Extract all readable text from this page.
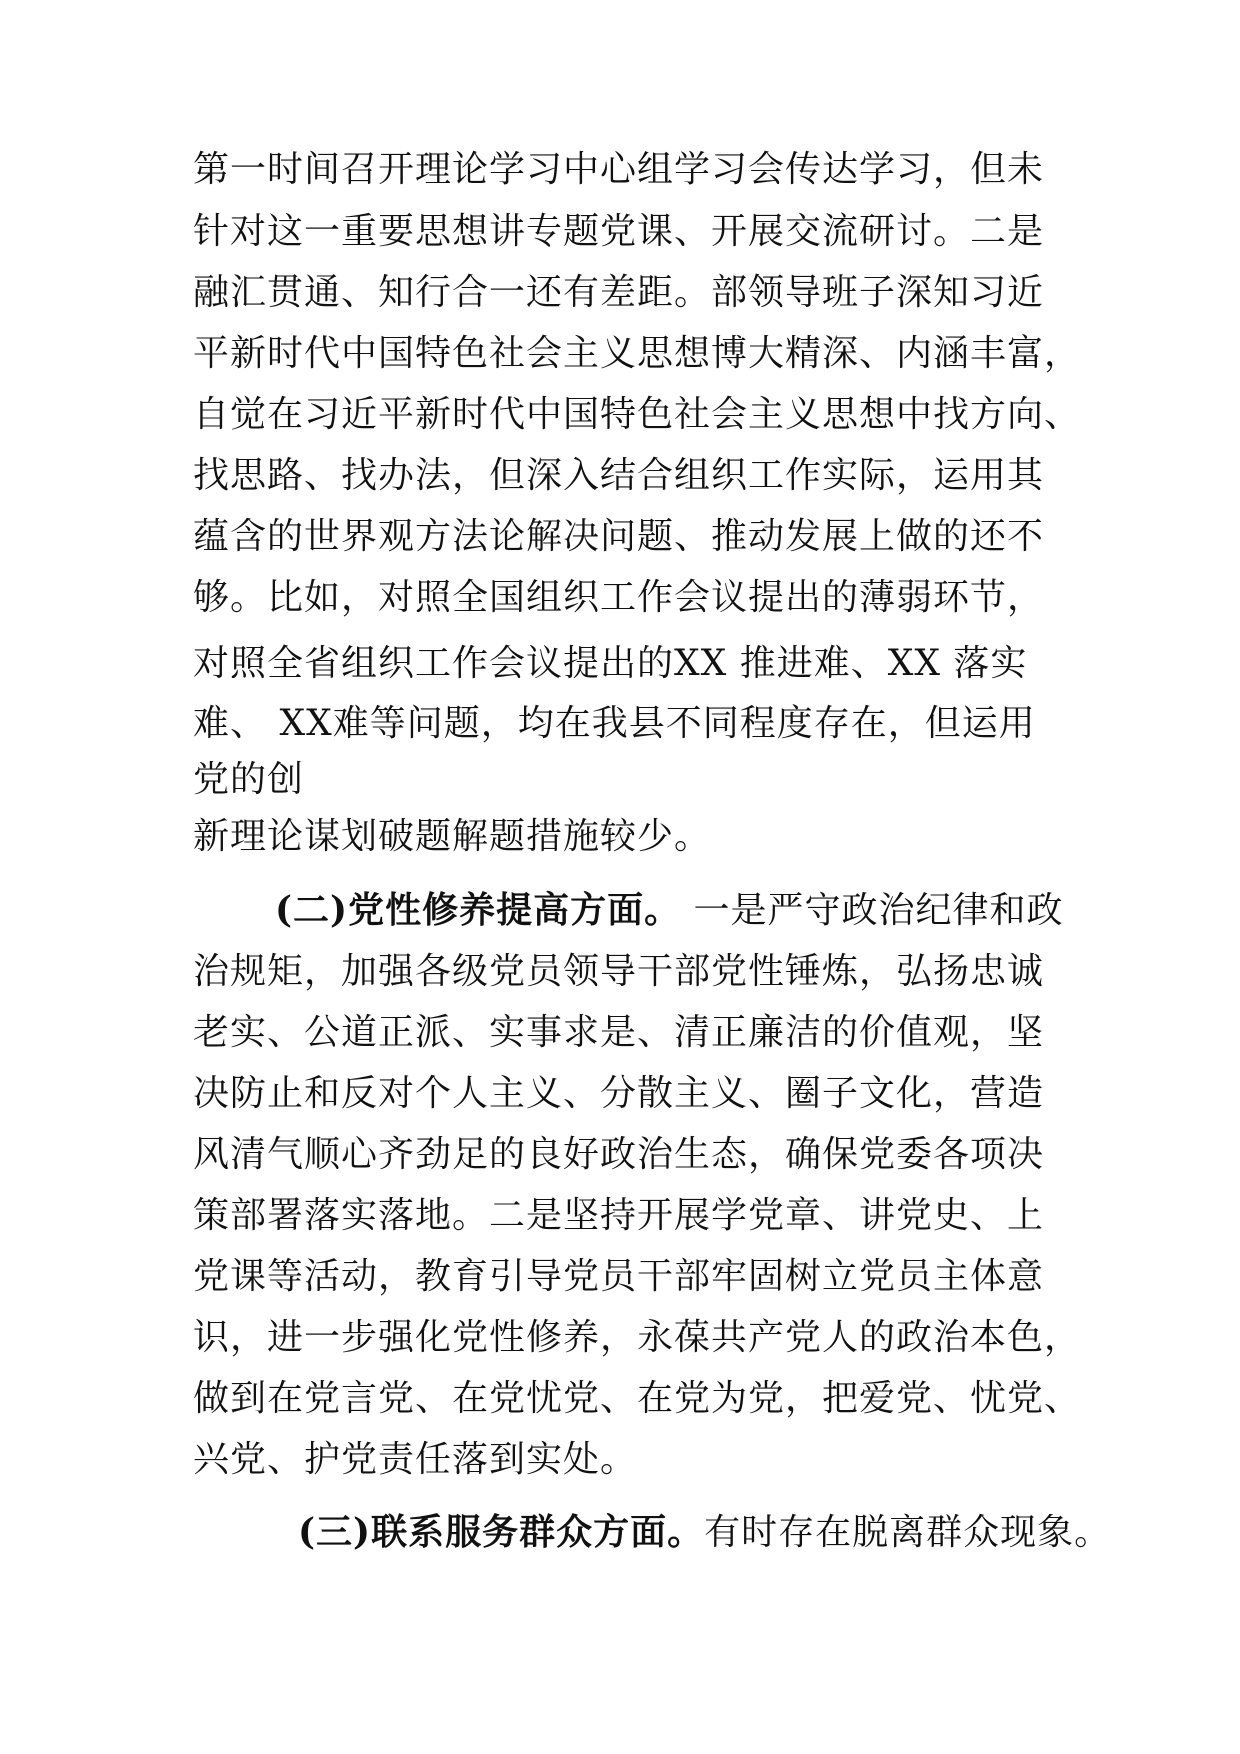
第一时间召开理论学习中心组学习会传达学习，但未
针对这一重要思想讲专题党课、开展交流研讨。二是
融汇贯通、知行合一还有差距。部领导班子深知习近
平新时代中国特色社会主义思想博大精深、内涵丰富，
自觉在习近平新时代中国特色社会主义思想中找方向、
找思路、找办法，但深入结合组织工作实际，运用其
蕴含的世界观方法论解决问题、推动发展上做的还不
够。比如，对照全国组织工作会议提出的薄弱环节，
对照全省组织工作会议提出的XX 推进难、XX 落实
难、 XX难等问题，均在我县不同程度存在，但运用
党的创
新理论谋划破题解题措施较少。
(二)党性修养提高方面。 一是严守政治纪律和政
治规矩，加强各级党员领导干部党性锤炼，弘扬忠诚
老实、公道正派、实事求是、清正廉洁的价值观，坚
决防止和反对个人主义、分散主义、圈子文化，营造
风清气顺心齐劲足的良好政治生态，确保党委各项决
策部署落实落地。二是坚持开展学党章、讲党史、上
党课等活动，教育引导党员干部牢固树立党员主体意
识，进一步强化党性修养，永葆共产党人的政治本色，
做到在党言党、在党忧党、在党为党，把爱党、忧党、
兴党、护党责任落到实处。
(三)联系服务群众方面。有时存在脱离群众现象。
